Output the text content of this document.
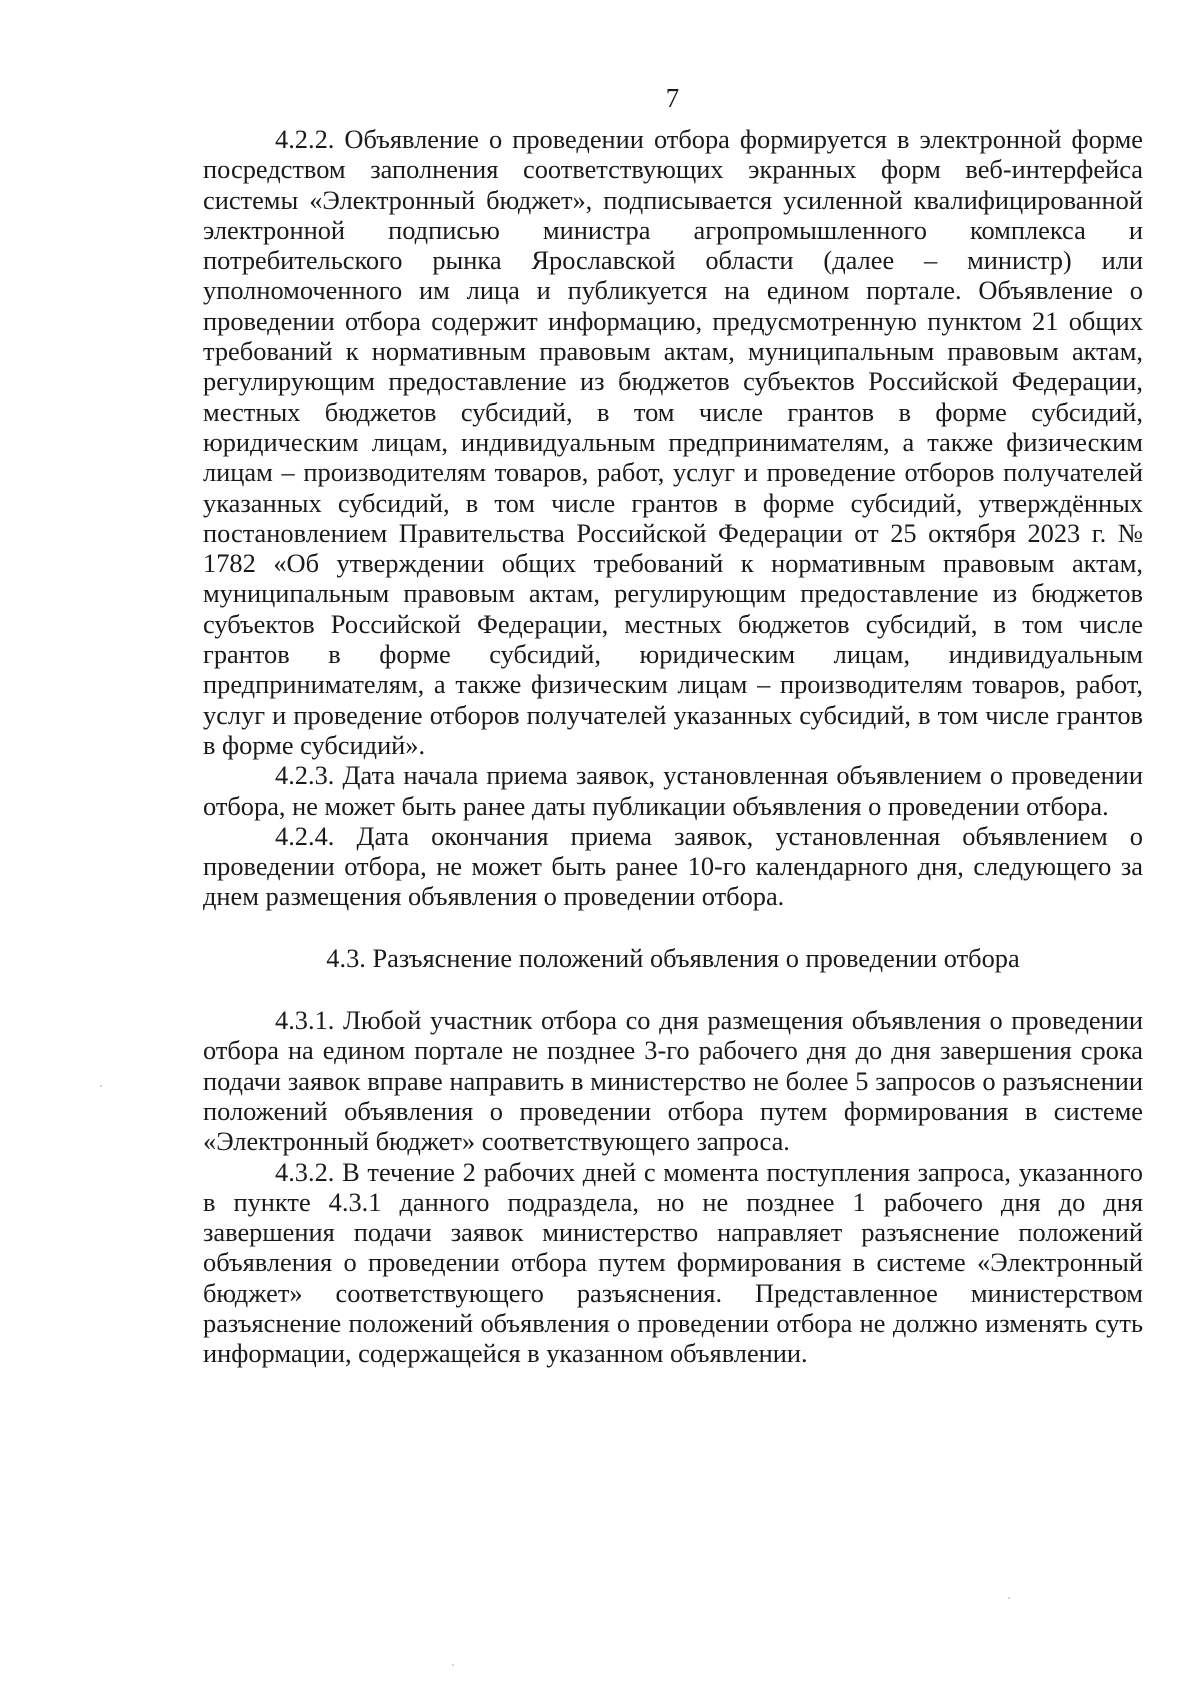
7

4.2.2. Объявление о проведении отбора формируется в электронной форме посредством заполнения соответствующих экранных форм веб-интерфейса системы «Электронный бюджет», подписывается усиленной квалифицированной электронной подписью министра агропромышленного комплекса и потребительского рынка Ярославской области (далее – министр) или уполномоченного им лица и публикуется на едином портале. Объявление о проведении отбора содержит информацию, предусмотренную пунктом 21 общих требований к нормативным правовым актам, муниципальным правовым актам, регулирующим предоставление из бюджетов субъектов Российской Федерации, местных бюджетов субсидий, в том числе грантов в форме субсидий, юридическим лицам, индивидуальным предпринимателям, а также физическим лицам – производителям товаров, работ, услуг и проведение отборов получателей указанных субсидий, в том числе грантов в форме субсидий, утверждённых постановлением Правительства Российской Федерации от 25 октября 2023 г. № 1782 «Об утверждении общих требований к нормативным правовым актам, муниципальным правовым актам, регулирующим предоставление из бюджетов субъектов Российской Федерации, местных бюджетов субсидий, в том числе грантов в форме субсидий, юридическим лицам, индивидуальным предпринимателям, а также физическим лицам – производителям товаров, работ, услуг и проведение отборов получателей указанных субсидий, в том числе грантов в форме субсидий».

4.2.3. Дата начала приема заявок, установленная объявлением о проведении отбора, не может быть ранее даты публикации объявления о проведении отбора.

4.2.4. Дата окончания приема заявок, установленная объявлением о проведении отбора, не может быть ранее 10-го календарного дня, следующего за днем размещения объявления о проведении отбора.

4.3. Разъяснение положений объявления о проведении отбора

4.3.1. Любой участник отбора со дня размещения объявления о проведении отбора на едином портале не позднее 3-го рабочего дня до дня завершения срока подачи заявок вправе направить в министерство не более 5 запросов о разъяснении положений объявления о проведении отбора путем формирования в системе «Электронный бюджет» соответствующего запроса.

4.3.2. В течение 2 рабочих дней с момента поступления запроса, указанного в пункте 4.3.1 данного подраздела, но не позднее 1 рабочего дня до дня завершения подачи заявок министерство направляет разъяснение положений объявления о проведении отбора путем формирования в системе «Электронный бюджет» соответствующего разъяснения. Представленное министерством разъяснение положений объявления о проведении отбора не должно изменять суть информации, содержащейся в указанном объявлении.
